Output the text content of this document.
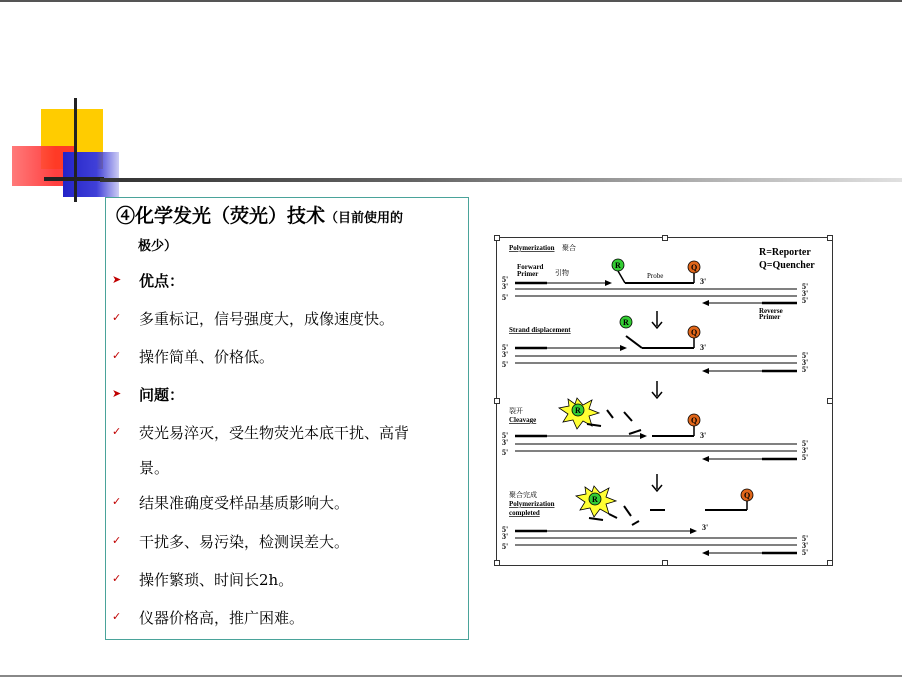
④化学发光（荧光）技术（目前使用的
极少）
➤ 优点：
✓ 多重标记，信号强度大，成像速度快。
✓ 操作简单、价格低。
➤ 问题：
✓ 荧光易淬灭，受生物荧光本底干扰、高背
景。
✓ 结果准确度受样品基质影响大。
✓ 干扰多、易污染，检测误差大。
✓ 操作繁琐、时间长2h。
✓ 仪器价格高，推广困难。
R=Reporter
Q=Quencher
Polymerization 聚合
Forward
Primer 引物	Probe
R	Q
3'
5'
3'
5'
5'
3'
5'
Reverse
Primer
Strand displacement
R
Q
3'
5'
3'
5'
5'
3'
5'
裂开
Cleavage
R
Q
3'
5'
3'
5'
5'
3'
5'
聚合完成
Polymerization
completed
R	Q
3'
5'
3'
5'
5'
3'
5'
